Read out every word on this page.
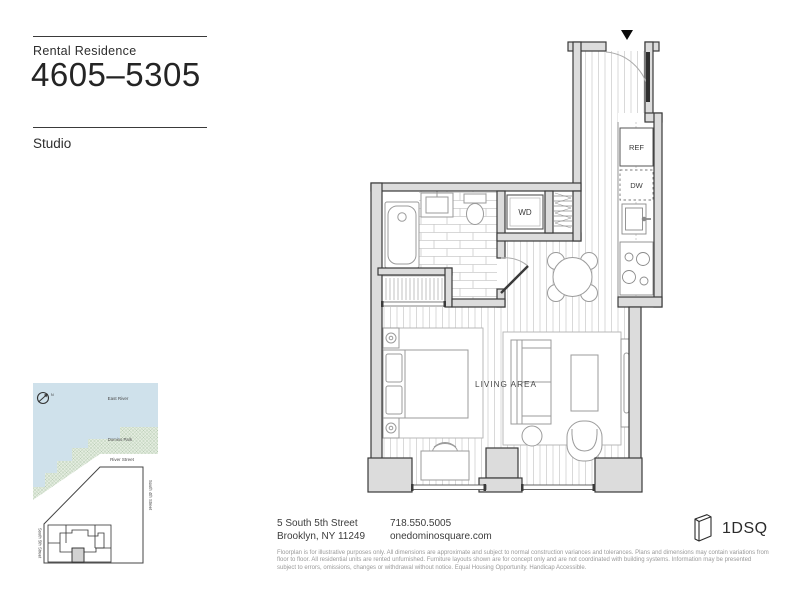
Rental Residence
4605–5305
Studio	REF
DW
WD
LIVING AREA
N
East River
Domino Park
River Street
South 4th Street
South 5th Street
5 South 5th Street
Brooklyn, NY 11249
718.550.5005
onedominosquare.com
Floorplan is for illustrative purposes only. All dimensions are approximate and subject to normal construction variances and tolerances. Plans and dimensions may contain variations from floor to floor. All residential units are rented unfurnished. Furniture layouts shown are for concept only and are not coordinated with building systems. Information may be presented subject to errors, omissions, changes or withdrawal without notice. Equal Housing Opportunity. Handicap Accessible.
1DSQ
